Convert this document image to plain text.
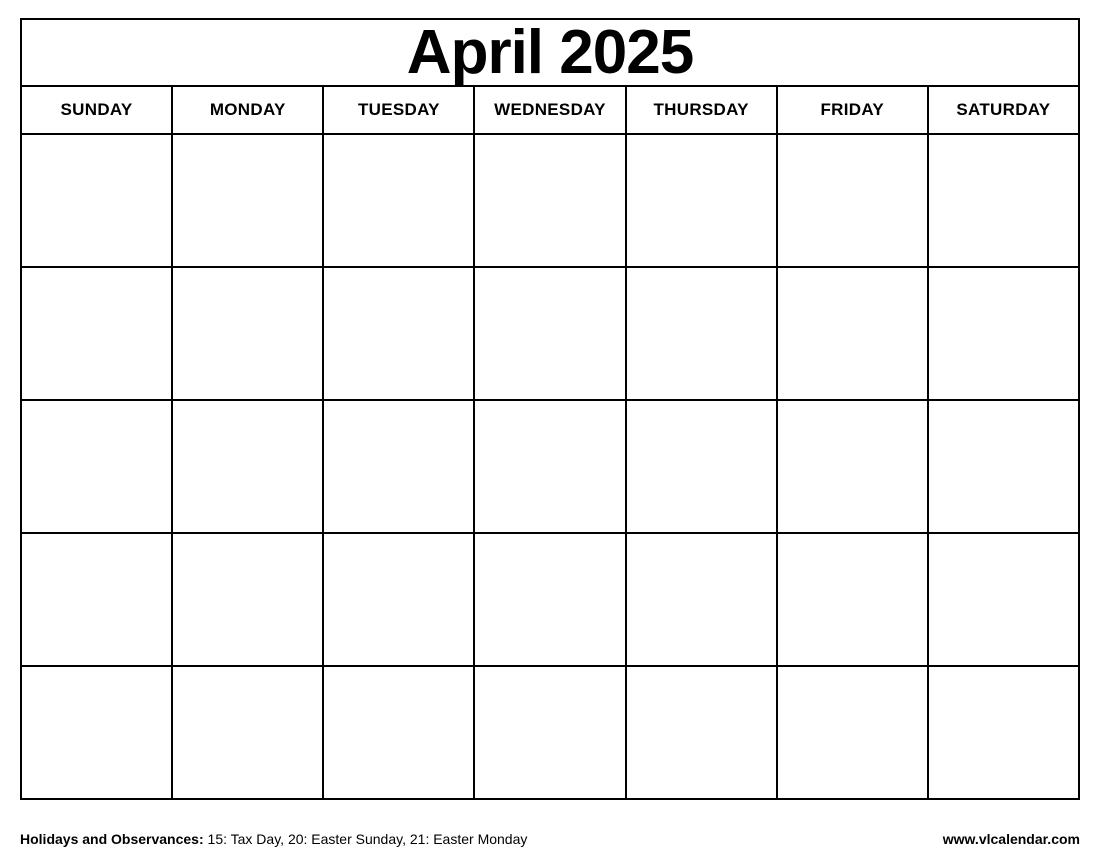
April 2025						

SUNDAY	MONDAY	TUESDAY	WEDNESDAY	THURSDAY	FRIDAY	SATURDAY

Holidays and Observances: 15: Tax Day, 20: Easter Sunday, 21: Easter Monday	www.vlcalendar.com
